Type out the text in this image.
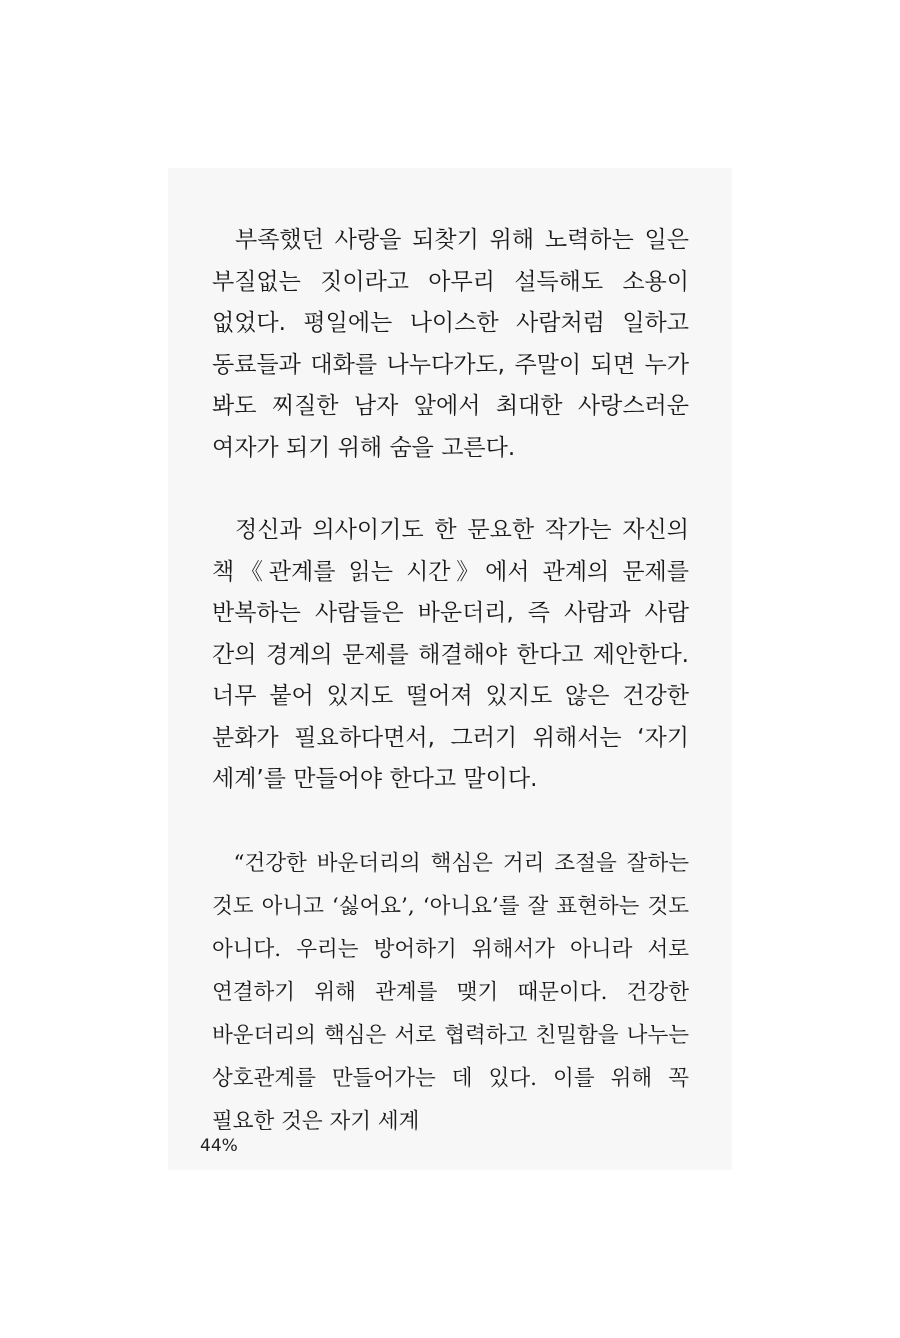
부족했던 사랑을 되찾기 위해 노력하는 일은 부질없는 짓이라고 아무리 설득해도 소용이 없었다. 평일에는 나이스한 사람처럼 일하고 동료들과 대화를 나누다가도, 주말이 되면 누가 봐도 찌질한 남자 앞에서 최대한 사랑스러운 여자가 되기 위해 숨을 고른다.

정신과 의사이기도 한 문요한 작가는 자신의 책《관계를 읽는 시간》에서 관계의 문제를 반복하는 사람들은 바운더리, 즉 사람과 사람 간의 경계의 문제를 해결해야 한다고 제안한다. 너무 붙어 있지도 떨어져 있지도 않은 건강한 분화가 필요하다면서, 그러기 위해서는 ‘자기 세계’를 만들어야 한다고 말이다.

“건강한 바운더리의 핵심은 거리 조절을 잘하는 것도 아니고 ‘싫어요’, ‘아니요’를 잘 표현하는 것도 아니다. 우리는 방어하기 위해서가 아니라 서로 연결하기 위해 관계를 맺기 때문이다. 건강한 바운더리의 핵심은 서로 협력하고 친밀함을 나누는 상호관계를 만들어가는 데 있다. 이를 위해 꼭 필요한 것은 자기 세계

44%
